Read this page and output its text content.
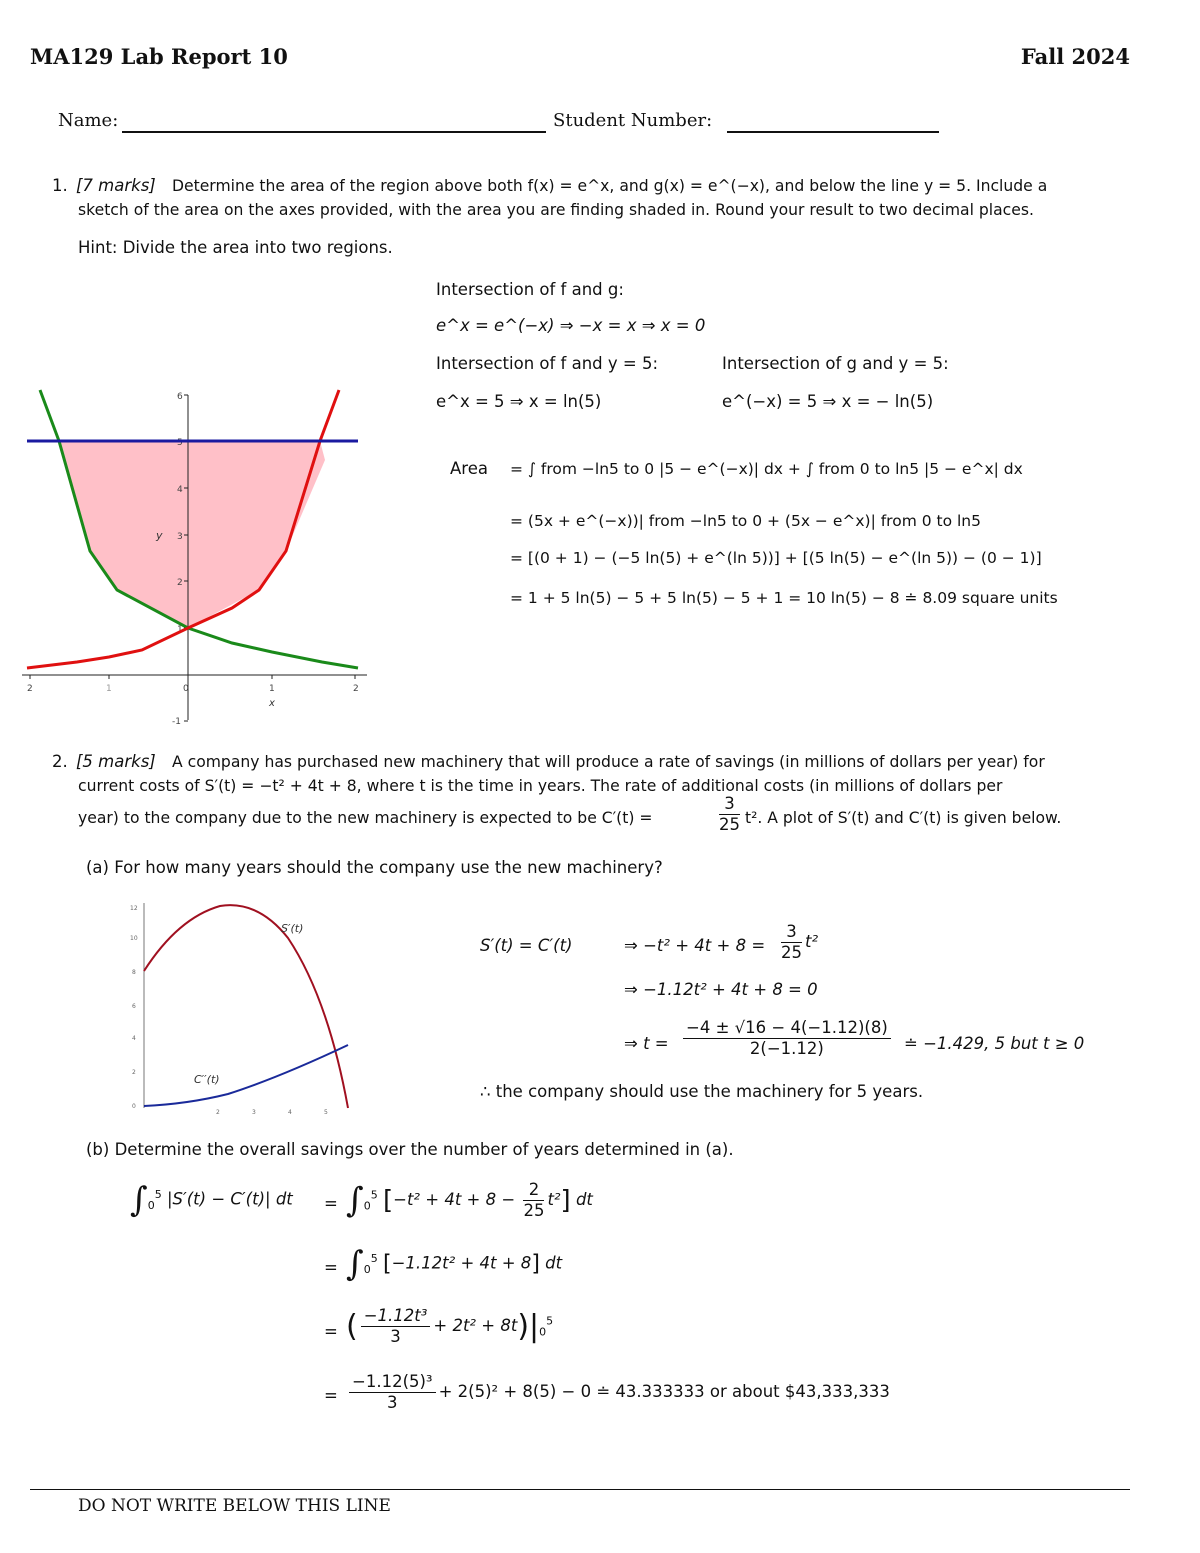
MA129 Lab Report 10	Fall 2024
Name:	Student Number:
1. [7 marks] Determine the area of the region above both f(x) = e^x, and g(x) = e^(−x), and below the line y = 5. Include a
sketch of the area on the axes provided, with the area you are finding shaded in. Round your result to two decimal places.
Hint: Divide the area into two regions.
Intersection of f and g:
e^x = e^(−x) ⇒ −x = x ⇒ x = 0
Intersection of f and y = 5:	Intersection of g and y = 5:
e^x = 5 ⇒ x = ln(5)	e^(−x) = 5 ⇒ x = − ln(5)
Area = ∫ from −ln5 to 0 |5 − e^(−x)| dx + ∫ from 0 to ln5 |5 − e^x| dx
= (5x + e^(−x))| from −ln5 to 0 + (5x − e^x)| from 0 to ln5
= [(0 + 1) − (−5 ln(5) + e^(ln 5))] + [(5 ln(5) − e^(ln 5)) − (0 − 1)]
= 1 + 5 ln(5) − 5 + 5 ln(5) − 5 + 1 = 10 ln(5) − 8 ≐ 8.09 square units
6
5
4
3
2
1
-1
y
2	1	0	1	2
x
2. [5 marks] A company has purchased new machinery that will produce a rate of savings (in millions of dollars per year) for
current costs of S′(t) = −t² + 4t + 8, where t is the time in years. The rate of additional costs (in millions of dollars per
year) to the company due to the new machinery is expected to be C′(t) =	$\frac{3}{25} t^2$. A plot of S′(t) and C′(t) is given below.
(a) For how many years should the company use the new machinery?
12
10
8
6
4
2
0
2	3	4	5
S′(t)
C′′(t)
S′(t) = C′(t)	⇒ $-t^2 + 4t + 8 = \frac{3}{25} t^2$
⇒ −1.12t² + 4t + 8 = 0
⇒ $t = \frac{-4 \pm √16 - 4(-1.12)(8)}{2(-1.12)}$ ≐ −1.429, 5 but t ≥ 0
∴ the company should use the machinery for 5 years.
(b) Determine the overall savings over the number of years determined in (a).
$\int_0^5$ |S′(t) − C′(t)| dt = $\int_0^5$ $[-t^2 + 4t + 8 - \frac{2}{25} t^2]$ dt
= $\int_0^5$ [−1.12t² + 4t + 8] dt
= ( $\frac{\text{−1.12t³}}{3} + 2t^2 + 8t)|_0^5$
= $\frac{\text{−1.12(5)³}}{3} + 2(5)^2 + 8(5) - 0$ ≐ 43.333333 or about $43,333,333
DO NOT WRITE BELOW THIS LINE
